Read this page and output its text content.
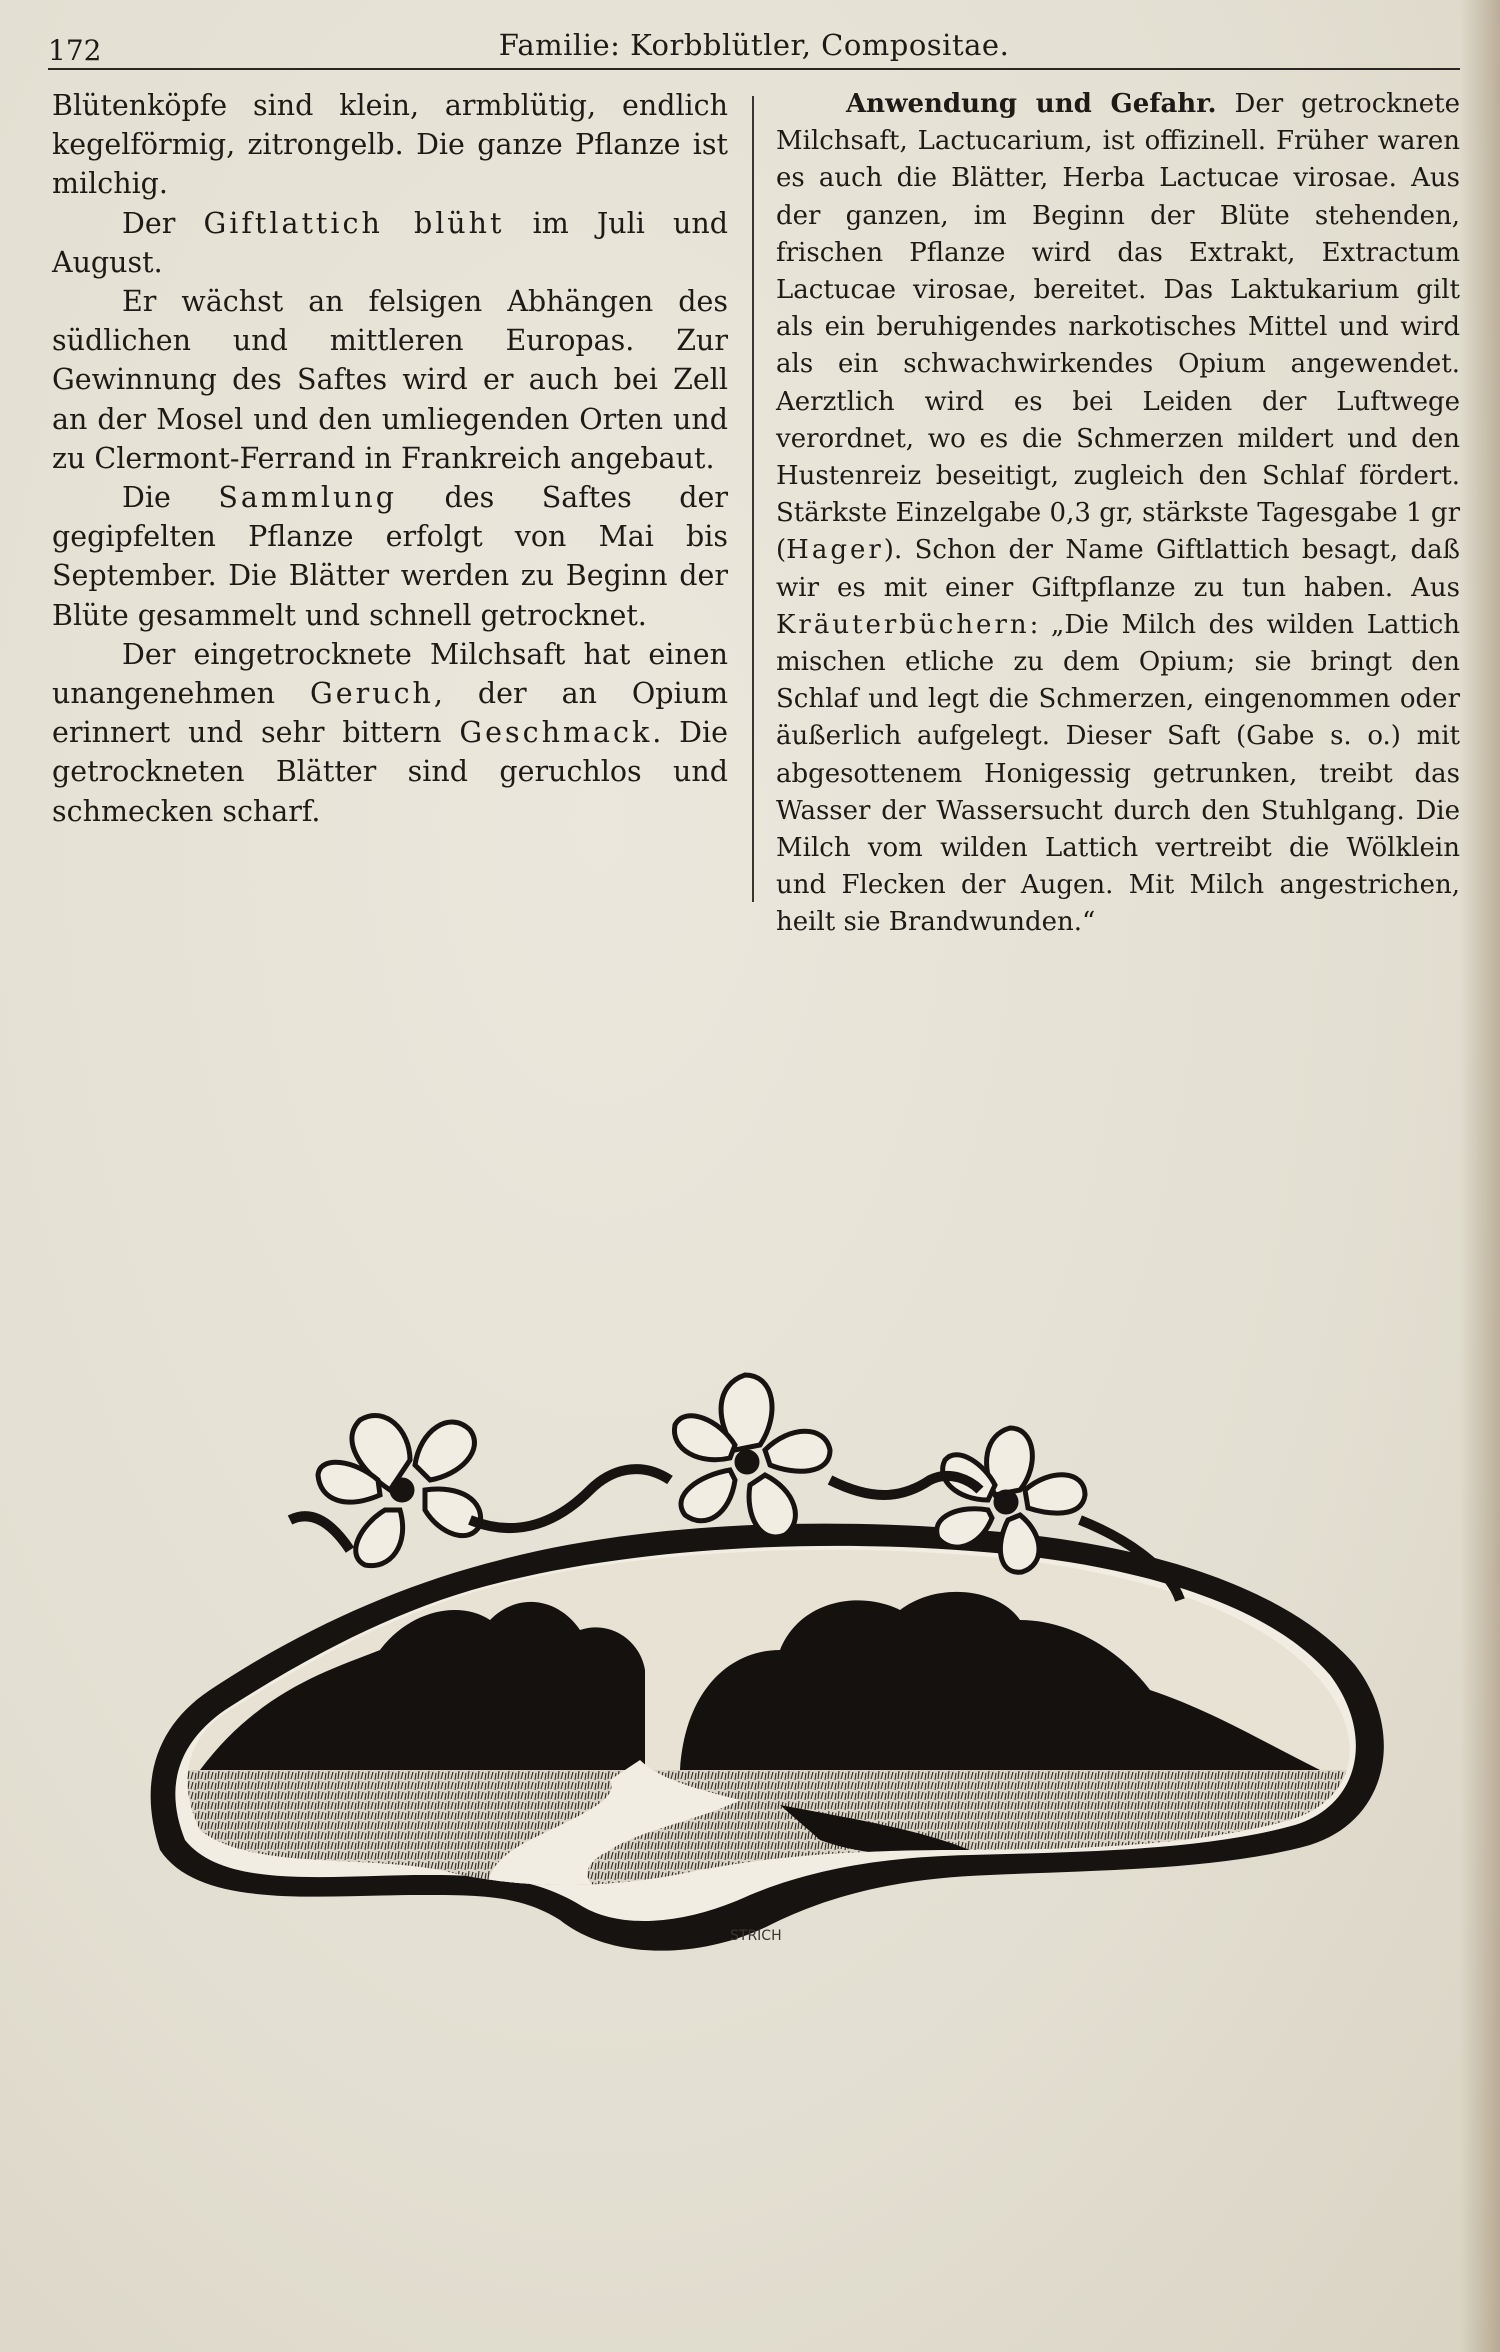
172	Familie: Korbblütler, Compositae.

Blütenköpfe sind klein, armblütig, endlich kegelförmig, zitrongelb. Die ganze Pflanze ist milchig.

Der Giftlattich blüht im Juli und August.

Er wächst an felsigen Abhängen des südlichen und mittleren Europas. Zur Gewinnung des Saftes wird er auch bei Zell an der Mosel und den umliegenden Orten und zu Clermont-Ferrand in Frankreich angebaut.

Die Sammlung des Saftes der gegipfelten Pflanze erfolgt von Mai bis September. Die Blätter werden zu Beginn der Blüte gesammelt und schnell getrocknet.

Der eingetrocknete Milchsaft hat einen unangenehmen Geruch, der an Opium erinnert und sehr bittern Geschmack. Die getrockneten Blätter sind geruchlos und schmecken scharf.

Anwendung und Gefahr. Der getrocknete Milchsaft, Lactucarium, ist offizinell. Früher waren es auch die Blätter, Herba Lactucae virosae. Aus der ganzen, im Beginn der Blüte stehenden, frischen Pflanze wird das Extrakt, Extractum Lactucae virosae, bereitet. Das Laktukarium gilt als ein beruhigendes narkotisches Mittel und wird als ein schwachwirkendes Opium angewendet. Aerztlich wird es bei Leiden der Luftwege verordnet, wo es die Schmerzen mildert und den Hustenreiz beseitigt, zugleich den Schlaf fördert. Stärkste Einzelgabe 0,3 gr, stärkste Tagesgabe 1 gr (Hager). Schon der Name Giftlattich besagt, daß wir es mit einer Giftpflanze zu tun haben. Aus Kräuterbüchern: „Die Milch des wilden Lattich mischen etliche zu dem Opium; sie bringt den Schlaf und legt die Schmerzen, eingenommen oder äußerlich aufgelegt. Dieser Saft (Gabe s. o.) mit abgesottenem Honigessig getrunken, treibt das Wasser der Wassersucht durch den Stuhlgang. Die Milch vom wilden Lattich vertreibt die Wölklein und Flecken der Augen. Mit Milch angestrichen, heilt sie Brandwunden.“

STRICH
